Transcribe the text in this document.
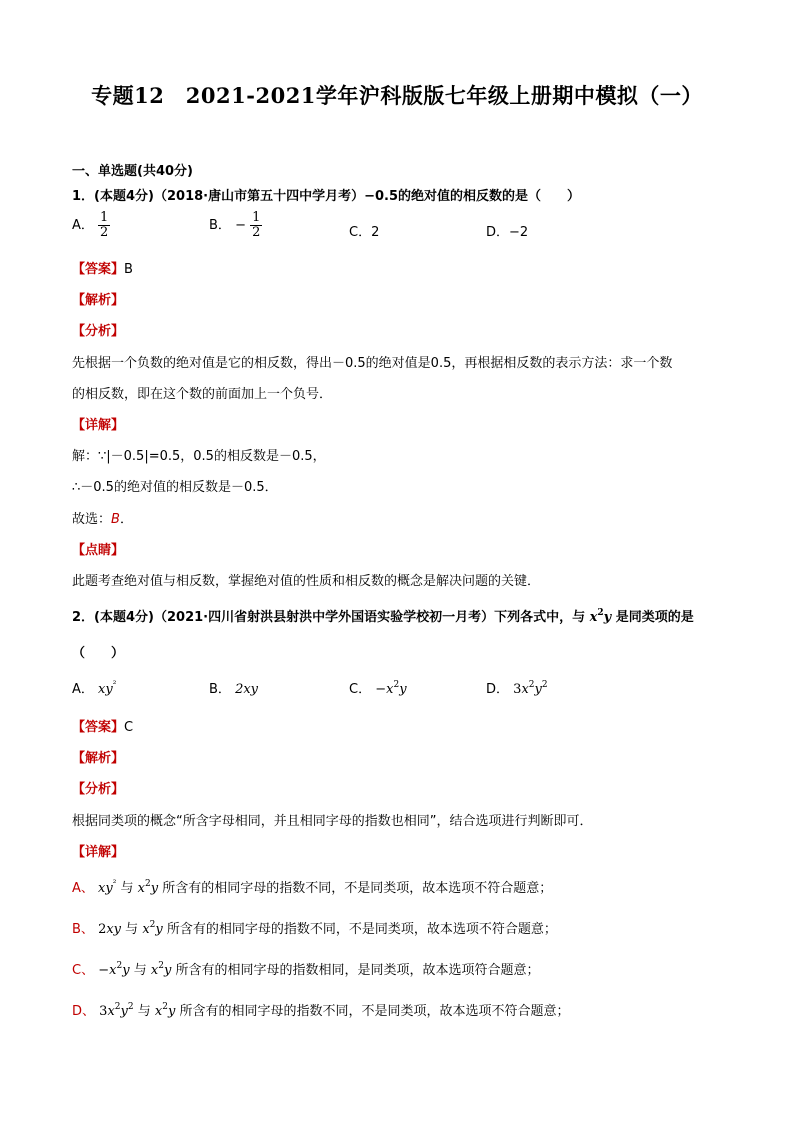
专题12　2021-2021学年沪科版版七年级上册期中模拟（一）
一、单选题(共40分)
1．(本题4分)（2018·唐山市第五十四中学月考）−0.5的绝对值的相反数的是（　　）
A． $\frac{1}{2}$	B． − $\frac{1}{2}$	C．2	D．−2
【答案】B
【解析】
【分析】
先根据一个负数的绝对值是它的相反数，得出－0.5的绝对值是0.5，再根据相反数的表示方法：求一个数
的相反数，即在这个数的前面加上一个负号．
【详解】
解：∵|－0.5|=0.5，0.5的相反数是－0.5，
∴－0.5的绝对值的相反数是－0.5．
故选：B．
【点睛】
此题考查绝对值与相反数，掌握绝对值的性质和相反数的概念是解决问题的关键．
2．(本题4分)（2021·四川省射洪县射洪中学外国语实验学校初一月考）下列各式中，与 $x^2y$ 是同类项的是
（　　）
A． $xy^{^2}$	B． 2xy	C． $-x^2y$	D． $3x^2y^2$
【答案】C
【解析】
【分析】
根据同类项的概念“所含字母相同，并且相同字母的指数也相同”，结合选项进行判断即可．
【详解】
A、 $xy^{^2}$ 与 $x^2y$ 所含有的相同字母的指数不同，不是同类项，故本选项不符合题意；
B、 2xy 与 $x^2y$ 所含有的相同字母的指数不同，不是同类项，故本选项不符合题意；
C、 $-x^2y$ 与 $x^2y$ 所含有的相同字母的指数相同，是同类项，故本选项符合题意；
D、 $3x^2y^2$ 与 $x^2y$ 所含有的相同字母的指数不同，不是同类项，故本选项不符合题意；
